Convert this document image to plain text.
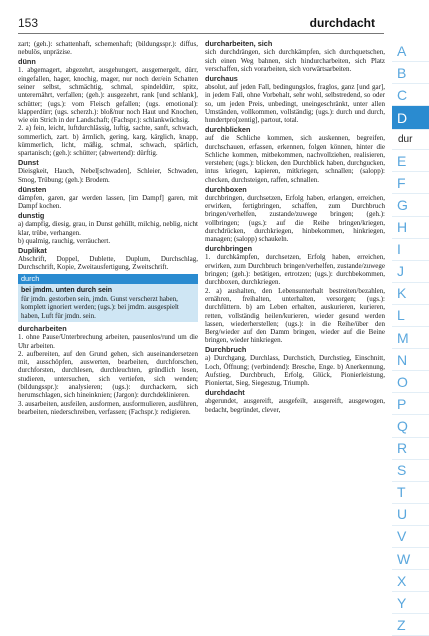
153	durchdacht
zart; (geh.): schattenhaft, schemenhaft; (bildungsspr.): diffus, nebulös, unpräzise.
dünn
1. abgemagert, abgezehrt, ausgehungert, ausgemergelt, dürr, eingefallen, hager, knochig, mager, nur noch der/ein Schatten seiner selbst, schmächtig, schmal, spindeldürr, spitz, unterernährt, verfallen; (geh.): ausgezehrt, rank [und schlank], schütter; (ugs.): vom Fleisch gefallen; (ugs. emotional): klapperdürr; (ugs. scherzh.): bloß/nur noch Haut und Knochen, wie ein Strich in der Landschaft; (Fachspr.): schlankwüchsig.
2. a) fein, leicht, luftdurchlässig, luftig, sachte, sanft, schwach, sommerlich, zart. b) ärmlich, gering, karg, kärglich, knapp, kümmerlich, licht, mäßig, schmal, schwach, spärlich, spartanisch; (geh.): schütter; (abwertend): dürftig.
Dunst
Dieisgkeit, Hauch, Nebel[schwaden], Schleier, Schwaden, Smog, Trübung; (geh.): Brodem.
dünsten
dämpfen, garen, gar werden lassen, [im Dampf] garen, mit Dampf kochen.
dunstig
a) dampfig, diesig, grau, in Dunst gehüllt, milchig, neblig, nicht klar, trübe, verhangen.
b) qualmig, rauchig, verräuchert.
Duplikat
Abschrift, Doppel, Dublette, Duplum, Durchschlag, Durchschrift, Kopie, Zweitausfertigung, Zweitschrift.
durch
bei jmdm. unten durch sein
für jmdn. gestorben sein, jmdn. Gunst verscherzt haben, komplett ignoriert werden; (ugs.): bei jmdm. ausgespielt haben, Luft für jmdn. sein.
durcharbeiten
1. ohne Pause/Unterbrechung arbeiten, pausenlos/rund um die Uhr arbeiten.
2. aufbereiten, auf den Grund gehen, sich auseinandersetzen mit, ausschöpfen, auswerten, bearbeiten, durchforschen, durchforsten, durchlesen, durchleuchten, gründlich lesen, studieren, untersuchen, sich vertiefen, sich wenden; (bildungsspr.): analysieren; (ugs.): durchackern, sich herumschlagen, sich hineinknien; (Jargon): durchdeklinieren.
3. ausarbeiten, ausfeilen, ausformen, ausformulieren, ausführen, bearbeiten, niederschreiben, verfassen; (Fachspr.): redigieren.
durcharbeiten, sich
sich durchdrängen, sich durchkämpfen, sich durchquetschen, sich einen Weg bahnen, sich hindurcharbeiten, sich Platz verschaffen, sich vorarbeiten, sich vorwärtsarbeiten.
durchaus
absolut, auf jeden Fall, bedingungslos, fraglos, ganz [und gar], in jedem Fall, ohne Vorbehalt, sehr wohl, selbstredend, so oder so, um jeden Preis, unbedingt, uneingeschränkt, unter allen Umständen, vollkommen, vollständig; (ugs.): durch und durch, hundertpro[zentig], partout, total.
durchblicken
auf die Schliche kommen, sich auskennen, begreifen, durchschauen, erfassen, erkennen, folgen können, hinter die Schliche kommen, mitbekommen, nachvollziehen, realisieren, verstehen; (ugs.): blicken, den Durchblick haben, durchgucken, intus kriegen, kapieren, mitkriegen, schnallen; (salopp): checken, durchsteigen, raffen, schnallen.
durchboxen
durchbringen, durchsetzen, Erfolg haben, erlangen, erreichen, erwirken, fertigbringen, schaffen, zum Durchbruch bringen/verhelfen, zustande/zuwege bringen; (geh.): vollbringen; (ugs.): auf die Reihe bringen/kriegen, durchdrücken, durchkriegen, hinbekommen, hinkriegen, managen; (salopp) schaukeln.
durchbringen
1. durchkämpfen, durchsetzen, Erfolg haben, erreichen, erwirken, zum Durchbruch bringen/verhelfen, zustande/zuwege bringen; (geh.): betätigen, ertrotzen; (ugs.): durchbekommen, durchboxen, durchkriegen.
2. a) aushalten, den Lebensunterhalt bestreiten/bezahlen, ernähren, freihalten, unterhalten, versorgen; (ugs.): durchfüttern. b) am Leben erhalten, auskurieren, kurieren, retten, vollständig heilen/kurieren, wieder gesund werden lassen, wiederherstellen; (ugs.): in die Reihe/über den Berg/wieder auf den Damm bringen, wieder auf die Beine bringen, wieder hinkriegen.
Durchbruch
a) Durchgang, Durchlass, Durchstich, Durchstieg, Einschnitt, Loch, Öffnung; (verbindend): Bresche, Enge. b) Anerkennung, Aufstieg, Durchbruch, Erfolg, Glück, Pionierleistung, Pioniertat, Sieg, Siegeszug, Triumph.
durchdacht
abgerundet, ausgereift, ausgefeilt, ausgereift, ausgewogen, bedacht, begründet, clever,
A
B
C
D
dur
E
F
G
H
I
J
K
L
M
N
O
P
Q
R
S
T
U
V
W
X
Y
Z
